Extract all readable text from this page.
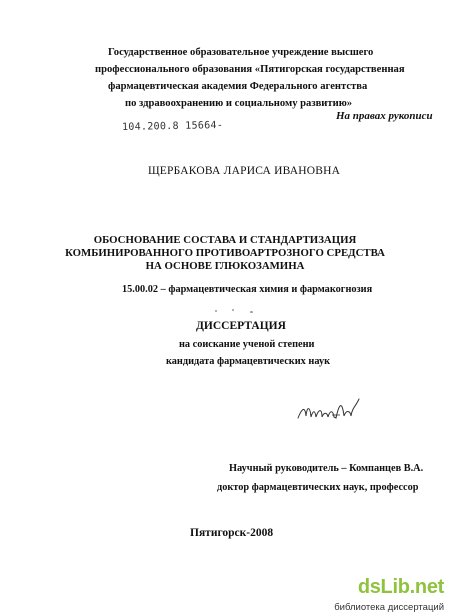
Государственное образовательное учреждение высшего
профессионального образования «Пятигорская государственная
фармацевтическая академия Федерального агентства
по здравоохранению и социальному развитию»
На правах рукописи
104.200.8 15664-
ЩЕРБАКОВА ЛАРИСА ИВАНОВНА
ОБОСНОВАНИЕ СОСТАВА И СТАНДАРТИЗАЦИЯ
КОМБИНИРОВАННОГО ПРОТИВОАРТРОЗНОГО СРЕДСТВА
НА ОСНОВЕ ГЛЮКОЗАМИНА
15.00.02 – фармацевтическая химия и фармакогнозия
ДИССЕРТАЦИЯ
на соискание ученой степени
кандидата фармацевтических наук
Научный руководитель – Компанцев В.А.
доктор фармацевтических наук, профессор
Пятигорск-2008
dsLib.net
библиотека диссертаций
